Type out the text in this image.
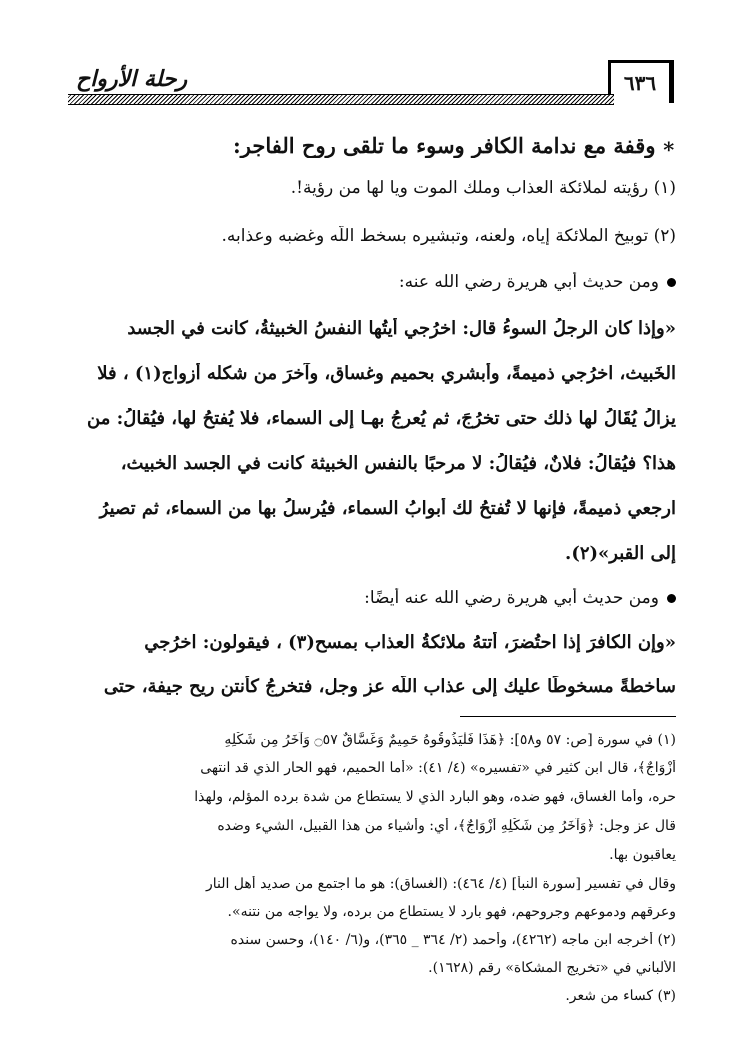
رحلة الأرواح	٦٣٦
∗وقفة مع ندامة الكافر وسوء ما تلقى روح الفاجر:
(١) رؤيته لملائكة العذاب وملك الموت ويا لها من رؤية!.
(٢) توبيخ الملائكة إياه، ولعنه، وتبشيره بسخط اللَّه وغضبه وعذابه.
ومن حديث أبي هريرة رضي الله عنه:
«وإذا كان الرجلُ السوءُ قال: اخرُجي أيتُها النفسُ الخبيثةُ، كانت في الجسد
الخَبيث، اخرُجي ذميمةً، وأبشري بحميم وغساق، وآخرَ من شكله أزواج(١) ، فلا
يزالُ يُقَالُ لها ذلك حتى تخرُجَ، ثم يُعرجُ بهـا إلى السماء، فلا يُفتحُ لها، فيُقالُ: من
هذا؟ فيُقالُ: فلانٌ، فيُقالُ: لا مرحبًا بالنفس الخبيثة كانت في الجسد الخبيث،
ارجعي ذميمةً، فإنها لا تُفتحُ لك أبوابُ السماء، فيُرسلُ بها من السماء، ثم تصيرُ
إلى القبر»(٢).
ومن حديث أبي هريرة رضي الله عنه أيضًا:
«وإن الكافرَ إذا احتُضرَ، أتتهُ ملائكةُ العذاب بمسح(٣) ، فيقولون: اخرُجي
ساخطةً مسخوطًا عليك إلى عذاب اللَّه عز وجل، فتخرجُ كأنتن ريح جيفة، حتى
(١) في سورة [ص: ٥٧ و٥٨]: ﴿هَذَا فَلْيَذُوقُوهُ حَمِيمٌ وَغَسَّاقٌ ۝٥٧ وَآخَرُ مِن شَكْلِهِ
أَزْوَاجٌ﴾، قال ابن كثير في «تفسيره» (٤/ ٤١): «أما الحميم، فهو الحار الذي قد انتهى
حره، وأما الغساق، فهو ضده، وهو البارد الذي لا يستطاع من شدة برده المؤلم، ولهذا
قال عز وجل: ﴿وَآخَرُ مِن شَكْلِهِ أَزْوَاجٌ﴾، أي: وأشياء من هذا القبيل، الشيء وضده
يعاقبون بها.
وقال في تفسير [سورة النبأ] (٤/ ٤٦٤): (الغساق): هو ما اجتمع من صديد أهل النار
وعرقهم ودموعهم وجروحهم، فهو بارد لا يستطاع من برده، ولا يواجه من نتنه».
(٢) أخرجه ابن ماجه (٤٢٦٢)، وأحمد (٢/ ٣٦٤ _ ٣٦٥)، و(٦/ ١٤٠)، وحسن سنده
الألباني في «تخريج المشكاة» رقم (١٦٢٨).
(٣) كساء من شعر.
